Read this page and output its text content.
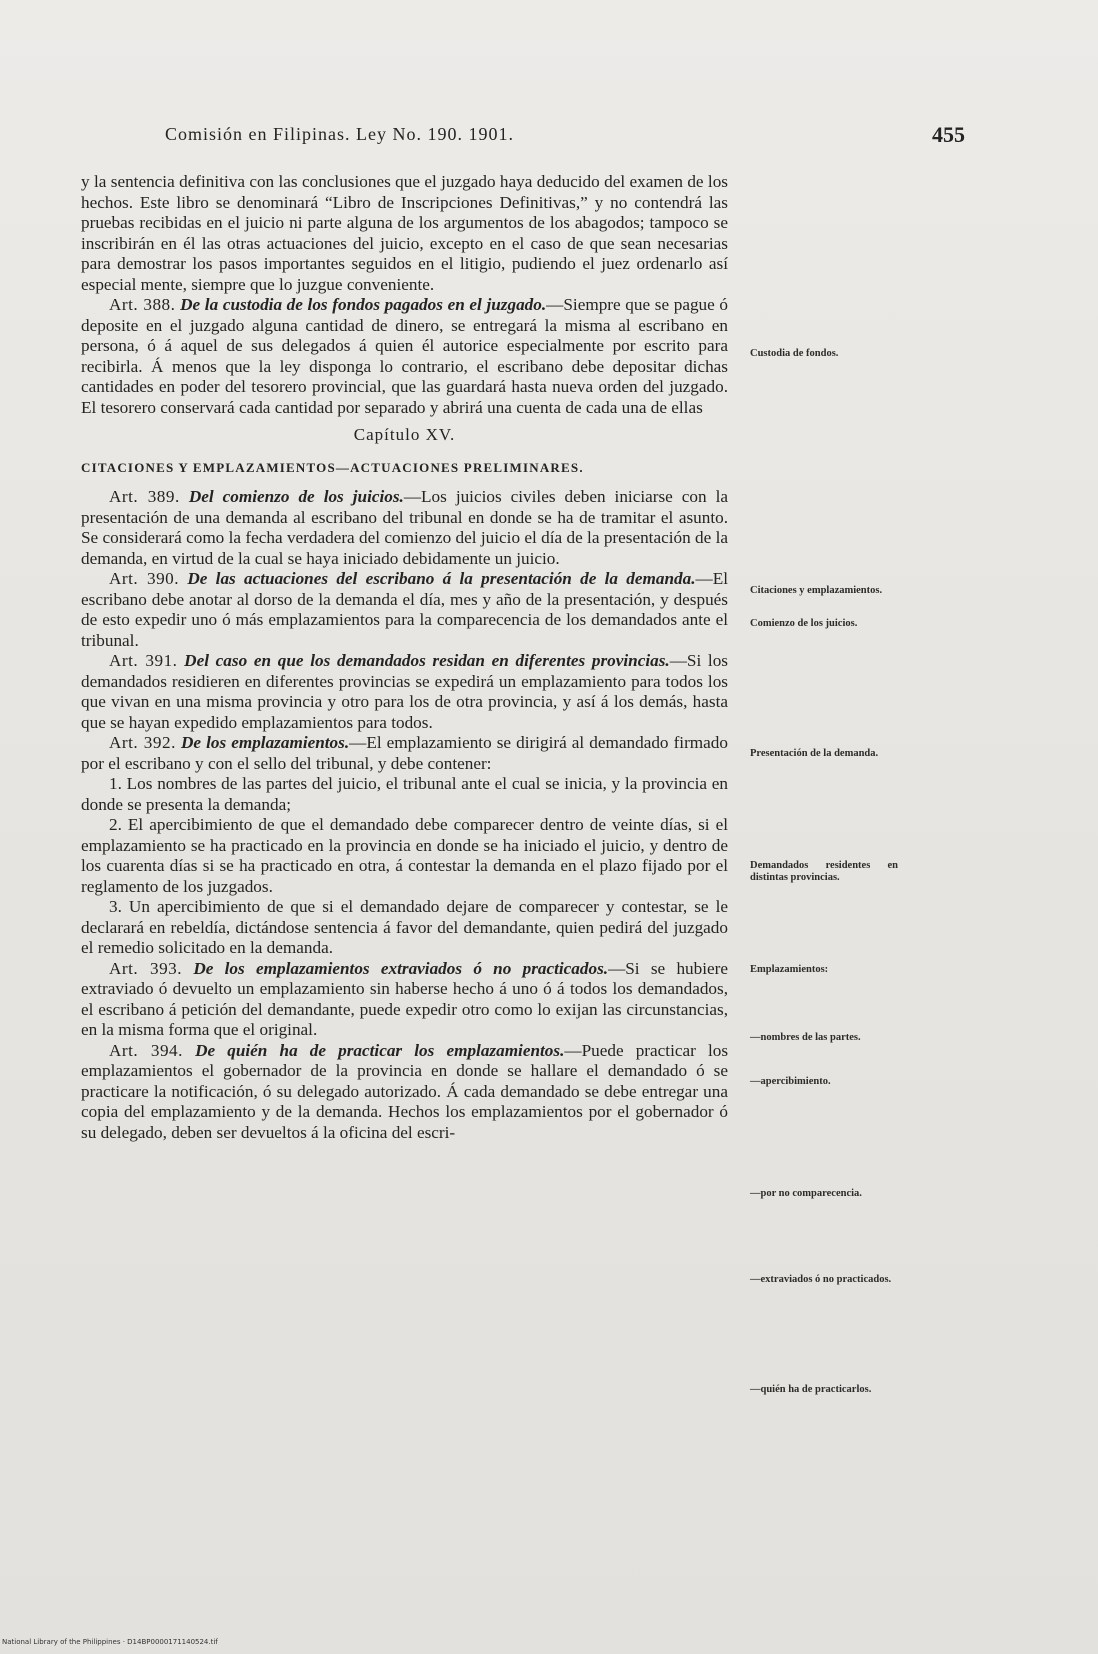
Comisión en Filipinas. Ley No. 190. 1901.	455

y la sentencia definitiva con las conclusiones que el juzgado haya deducido del examen de los hechos. Este libro se denominará “Libro de Inscripciones Definitivas,” y no contendrá las pruebas recibidas en el juicio ni parte alguna de los argumentos de los abagodos; tampoco se inscribirán en él las otras actuaciones del juicio, excepto en el caso de que sean necesarias para demostrar los pasos importantes seguidos en el litigio, pudiendo el juez ordenarlo así especial mente, siempre que lo juzgue conveniente.

Art. 388. De la custodia de los fondos pagados en el juzgado.—Siempre que se pague ó deposite en el juzgado alguna cantidad de dinero, se entregará la misma al escribano en persona, ó á aquel de sus delegados á quien él autorice especialmente por escrito para recibirla. Á menos que la ley disponga lo contrario, el escribano debe depositar dichas cantidades en poder del tesorero provincial, que las guardará hasta nueva orden del juzgado. El tesorero conservará cada cantidad por separado y abrirá una cuenta de cada una de ellas

Capítulo XV.
CITACIONES Y EMPLAZAMIENTOS—ACTUACIONES PRELIMINARES.

Art. 389. Del comienzo de los juicios.—Los juicios civiles deben iniciarse con la presentación de una demanda al escribano del tribunal en donde se ha de tramitar el asunto. Se considerará como la fecha verdadera del comienzo del juicio el día de la presentación de la demanda, en virtud de la cual se haya iniciado debidamente un juicio.

Art. 390. De las actuaciones del escribano á la presentación de la demanda.—El escribano debe anotar al dorso de la demanda el día, mes y año de la presentación, y después de esto expedir uno ó más emplazamientos para la comparecencia de los demandados ante el tribunal.

Art. 391. Del caso en que los demandados residan en diferentes provincias.—Si los demandados residieren en diferentes provincias se expedirá un emplazamiento para todos los que vivan en una misma provincia y otro para los de otra provincia, y así á los demás, hasta que se hayan expedido emplazamientos para todos.

Art. 392. De los emplazamientos.—El emplazamiento se dirigirá al demandado firmado por el escribano y con el sello del tribunal, y debe contener:

1. Los nombres de las partes del juicio, el tribunal ante el cual se inicia, y la provincia en donde se presenta la demanda;

2. El apercibimiento de que el demandado debe comparecer dentro de veinte días, si el emplazamiento se ha practicado en la provincia en donde se ha iniciado el juicio, y dentro de los cuarenta días si se ha practicado en otra, á contestar la demanda en el plazo fijado por el reglamento de los juzgados.

3. Un apercibimiento de que si el demandado dejare de comparecer y contestar, se le declarará en rebeldía, dictándose sentencia á favor del demandante, quien pedirá del juzgado el remedio solicitado en la demanda.

Art. 393. De los emplazamientos extraviados ó no practicados.—Si se hubiere extraviado ó devuelto un emplazamiento sin haberse hecho á uno ó á todos los demandados, el escribano á petición del demandante, puede expedir otro como lo exijan las circunstancias, en la misma forma que el original.

Art. 394. De quién ha de practicar los emplazamientos.—Puede practicar los emplazamientos el gobernador de la provincia en donde se hallare el demandado ó se practicare la notificación, ó su delegado autorizado. Á cada demandado se debe entregar una copia del emplazamiento y de la demanda. Hechos los emplazamientos por el gobernador ó su delegado, deben ser devueltos á la oficina del escri-

Custodia de fondos.
Citaciones y emplazamientos.
Comienzo de los juicios.
Presentación de la demanda.
Demandados residentes en distintas provincias.
Emplazamientos:
—nombres de las partes.
—apercibimiento.
—por no comparecencia.
—extraviados ó no practicados.
—quién ha de practicarlos.
National Library of the Philippines · D14BP0000171140524.tif
